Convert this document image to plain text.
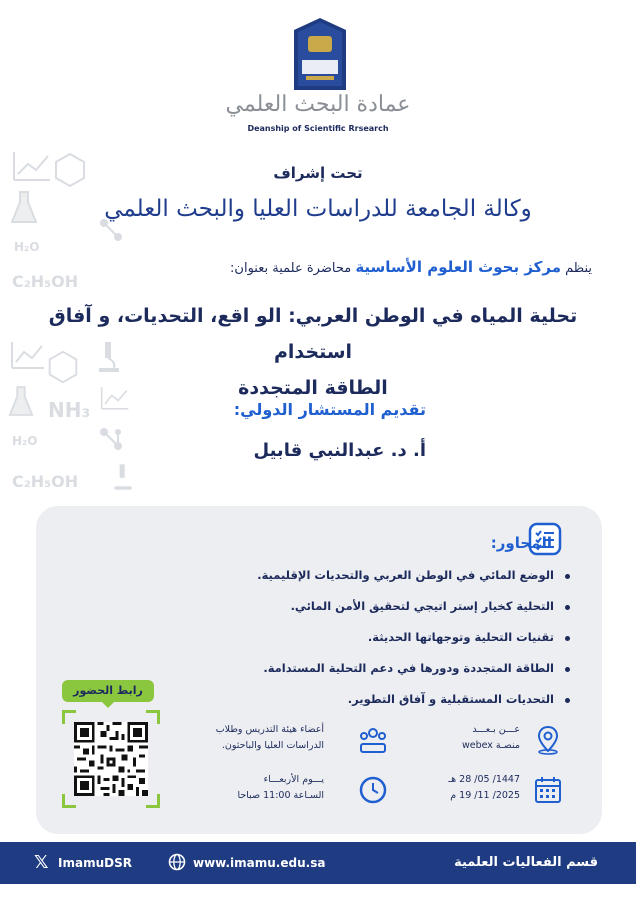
H₂O
C₂H₅OH
NH₃
H₂O
C₂H₅OH
عمادة البحث العلمي
Deanship of Scientific Rrsearch
تحت إشراف
وكالة الجامعة للدراسات العليا والبحث العلمي
ينظم مركز بحوث العلوم الأساسية محاضرة علمية بعنوان:
تحلية المياه في الوطن العربي: الو اقع، التحديات، و آفاق استخدام
الطاقة المتجددة
تقديم المستشار الدولي:
أ. د. عبدالنبي قابيل
المحاور:
الوضع المائي في الوطن العربي والتحديات الإقليمية.
التحلية كخيار إستر اتيجي لتحقيق الأمن المائي.
تقنيات التحلية وتوجهاتها الحديثة.
الطاقة المتجددة ودورها في دعم التحلية المستدامة.
التحديات المستقبلية و آفاق التطوير.
رابط الحضور
أعضاء هيئة التدريس وطلاب
الدراسات العليا والباحثون.
عـــن بـعـــد
منصـة webex
يـــوم الأربعـــاء
السـاعة 11:00 صباحا
1447/ 05/ 28 هـ
2025/ 11/ 19 م
𝕏 ImamuDSR	www.imamu.edu.sa	قسم الفعاليات العلمية
